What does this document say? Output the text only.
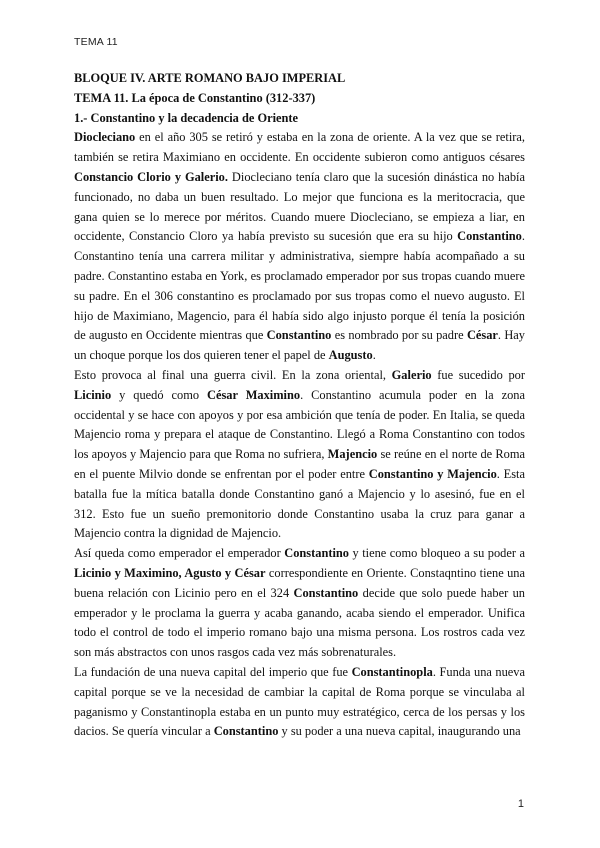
TEMA 11
BLOQUE IV. ARTE ROMANO BAJO IMPERIAL
TEMA 11. La época de Constantino (312-337)
1.- Constantino y la decadencia de Oriente

Diocleciano en el año 305 se retiró y estaba en la zona de oriente. A la vez que se retira, también se retira Maximiano en occidente. En occidente subieron como antiguos césares Constancio Clorio y Galerio. Diocleciano tenía claro que la sucesión dinástica no había funcionado, no daba un buen resultado. Lo mejor que funciona es la meritocracia, que gana quien se lo merece por méritos. Cuando muere Diocleciano, se empieza a liar, en occidente, Constancio Cloro ya había previsto su sucesión que era su hijo Constantino. Constantino tenía una carrera militar y administrativa, siempre había acompañado a su padre. Constantino estaba en York, es proclamado emperador por sus tropas cuando muere su padre. En el 306 constantino es proclamado por sus tropas como el nuevo augusto. El hijo de Maximiano, Magencio, para él había sido algo injusto porque él tenía la posición de augusto en Occidente mientras que Constantino es nombrado por su padre César. Hay un choque porque los dos quieren tener el papel de Augusto.

Esto provoca al final una guerra civil. En la zona oriental, Galerio fue sucedido por Licinio y quedó como César Maximino. Constantino acumula poder en la zona occidental y se hace con apoyos y por esa ambición que tenía de poder. En Italia, se queda Majencio roma y prepara el ataque de Constantino. Llegó a Roma Constantino con todos los apoyos y Majencio para que Roma no sufriera, Majencio se reúne en el norte de Roma en el puente Milvio donde se enfrentan por el poder entre Constantino y Majencio. Esta batalla fue la mítica batalla donde Constantino ganó a Majencio y lo asesinó, fue en el 312. Esto fue un sueño premonitorio donde Constantino usaba la cruz para ganar a Majencio contra la dignidad de Majencio.

Así queda como emperador el emperador Constantino y tiene como bloqueo a su poder a Licinio y Maximino, Agusto y César correspondiente en Oriente. Constaqntino tiene una buena relación con Licinio pero en el 324 Constantino decide que solo puede haber un emperador y le proclama la guerra y acaba ganando, acaba siendo el emperador. Unifica todo el control de todo el imperio romano bajo una misma persona. Los rostros cada vez son más abstractos con unos rasgos cada vez más sobrenaturales.

La fundación de una nueva capital del imperio que fue Constantinopla. Funda una nueva capital porque se ve la necesidad de cambiar la capital de Roma porque se vinculaba al paganismo y Constantinopla estaba en un punto muy estratégico, cerca de los persas y los dacios. Se quería vincular a Constantino y su poder a una nueva capital, inaugurando una

1
